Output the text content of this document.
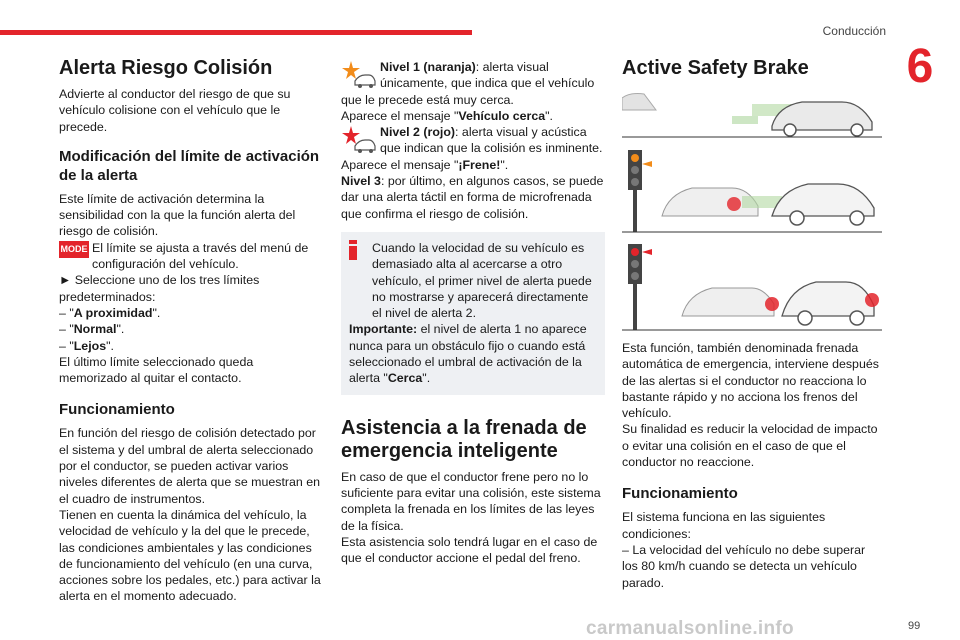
Conducción
6
Alerta Riesgo Colisión

Advierte al conductor del riesgo de que su vehículo colisione con el vehículo que le precede.

Modificación del límite de activación de la alerta

Este límite de activación determina la sensibilidad con la que la función alerta del riesgo de colisión.

MODE El límite se ajusta a través del menú de configuración del vehículo.

► Seleccione uno de los tres límites predeterminados:

– "A proximidad".

– "Normal".

– "Lejos".

El último límite seleccionado queda memorizado al quitar el contacto.

Funcionamiento

En función del riesgo de colisión detectado por el sistema y del umbral de alerta seleccionado por el conductor, se pueden activar varios niveles diferentes de alerta que se muestran en el cuadro de instrumentos.

Tienen en cuenta la dinámica del vehículo, la velocidad de vehículo y la del que le precede, las condiciones ambientales y las condiciones de funcionamiento del vehículo (en una curva, acciones sobre los pedales, etc.) para activar la alerta en el momento adecuado.

Nivel 1 (naranja): alerta visual únicamente, que indica que el vehículo que le precede está muy cerca.

Aparece el mensaje "Vehículo cerca".

Nivel 2 (rojo): alerta visual y acústica que indican que la colisión es inminente.

Aparece el mensaje "¡Frene!".

Nivel 3: por último, en algunos casos, se puede dar una alerta táctil en forma de microfrenada que confirma el riesgo de colisión.

Cuando la velocidad de su vehículo es demasiado alta al acercarse a otro vehículo, el primer nivel de alerta puede no mostrarse y aparecerá directamente el nivel de alerta 2.

Importante: el nivel de alerta 1 no aparece nunca para un obstáculo fijo o cuando está seleccionado el umbral de activación de la alerta "Cerca".

Asistencia a la frenada de emergencia inteligente

En caso de que el conductor frene pero no lo suficiente para evitar una colisión, este sistema completa la frenada en los límites de las leyes de la física.

Esta asistencia solo tendrá lugar en el caso de que el conductor accione el pedal del freno.

Active Safety Brake

Esta función, también denominada frenada automática de emergencia, interviene después de las alertas si el conductor no reacciona lo bastante rápido y no acciona los frenos del vehículo.

Su finalidad es reducir la velocidad de impacto o evitar una colisión en el caso de que el conductor no reaccione.

Funcionamiento

El sistema funciona en las siguientes condiciones:

– La velocidad del vehículo no debe superar los 80 km/h cuando se detecta un vehículo parado.

carmanualsonline.info	99
